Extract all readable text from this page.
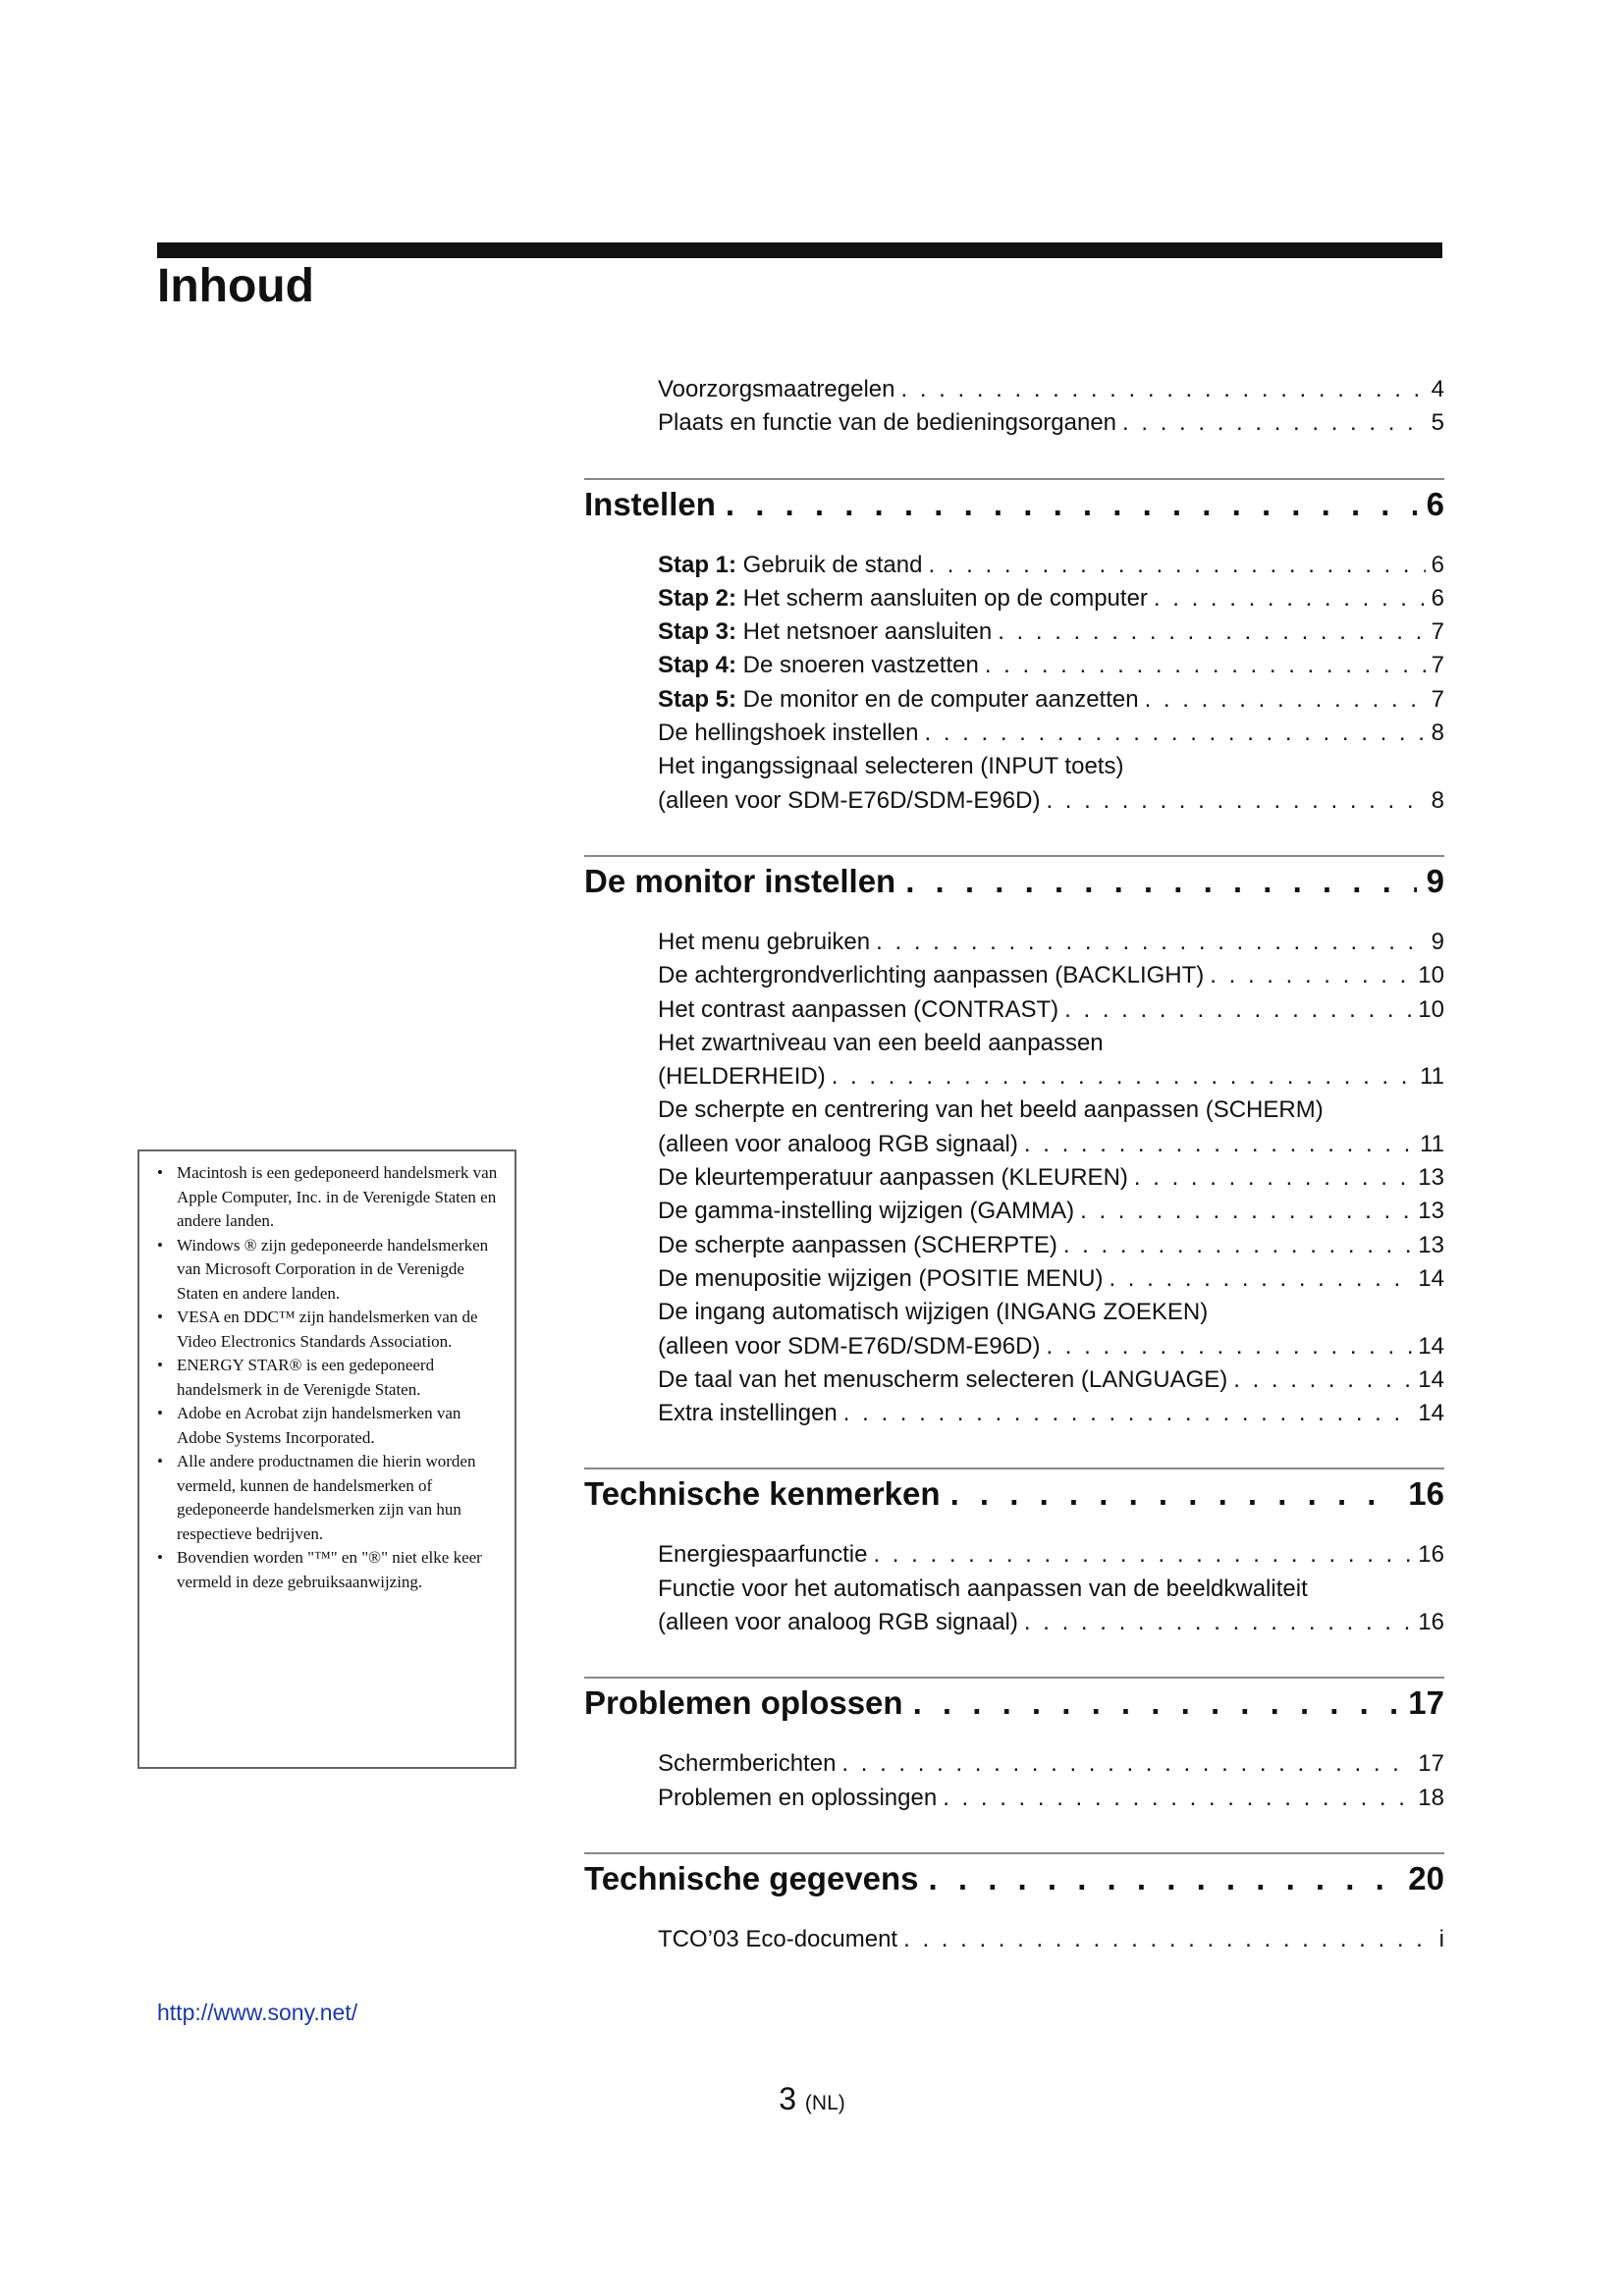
Inhoud
Voorzorgsmaatregelen . . .	4
Plaats en functie van de bedieningsorganen . . .	5
Instellen . . .	6
Stap 1: Gebruik de stand . . .	6
Stap 2: Het scherm aansluiten op de computer . . .	6
Stap 3: Het netsnoer aansluiten . . .	7
Stap 4: De snoeren vastzetten . . .	7
Stap 5: De monitor en de computer aanzetten . . .	7
De hellingshoek instellen . . .	8
Het ingangssignaal selecteren (INPUT toets)
(alleen voor SDM-E76D/SDM-E96D) . . .	8
De monitor instellen . . .	9
Het menu gebruiken . . .	9
De achtergrondverlichting aanpassen (BACKLIGHT) . . .	10
Het contrast aanpassen (CONTRAST) . . .	10
Het zwartniveau van een beeld aanpassen
(HELDERHEID) . . .	11
De scherpte en centrering van het beeld aanpassen (SCHERM)
(alleen voor analoog RGB signaal) . . .	11
De kleurtemperatuur aanpassen (KLEUREN) . . .	13
De gamma-instelling wijzigen (GAMMA) . . .	13
De scherpte aanpassen (SCHERPTE) . . .	13
De menupositie wijzigen (POSITIE MENU) . . .	14
De ingang automatisch wijzigen (INGANG ZOEKEN)
(alleen voor SDM-E76D/SDM-E96D) . . .	14
De taal van het menuscherm selecteren (LANGUAGE) . . .	14
Extra instellingen . . .	14
Technische kenmerken . . .	16
Energiespaarfunctie . . .	16
Functie voor het automatisch aanpassen van de beeldkwaliteit
(alleen voor analoog RGB signaal) . . .	16
Problemen oplossen . . .	17
Schermberichten . . .	17
Problemen en oplossingen . . .	18
Technische gegevens . . .	20
TCO’03 Eco-document . . .	i
• Macintosh is een gedeponeerd handelsmerk van Apple Computer, Inc. in de Verenigde Staten en andere landen.
• Windows ® zijn gedeponeerde handelsmerken van Microsoft Corporation in de Verenigde Staten en andere landen.
• VESA en DDC™ zijn handelsmerken van de Video Electronics Standards Association.
• ENERGY STAR® is een gedeponeerd handelsmerk in de Verenigde Staten.
• Adobe en Acrobat zijn handelsmerken van Adobe Systems Incorporated.
• Alle andere productnamen die hierin worden vermeld, kunnen de handelsmerken of gedeponeerde handelsmerken zijn van hun respectieve bedrijven.
• Bovendien worden "™" en "®" niet elke keer vermeld in deze gebruiksaanwijzing.
http://www.sony.net/
3 (NL)
